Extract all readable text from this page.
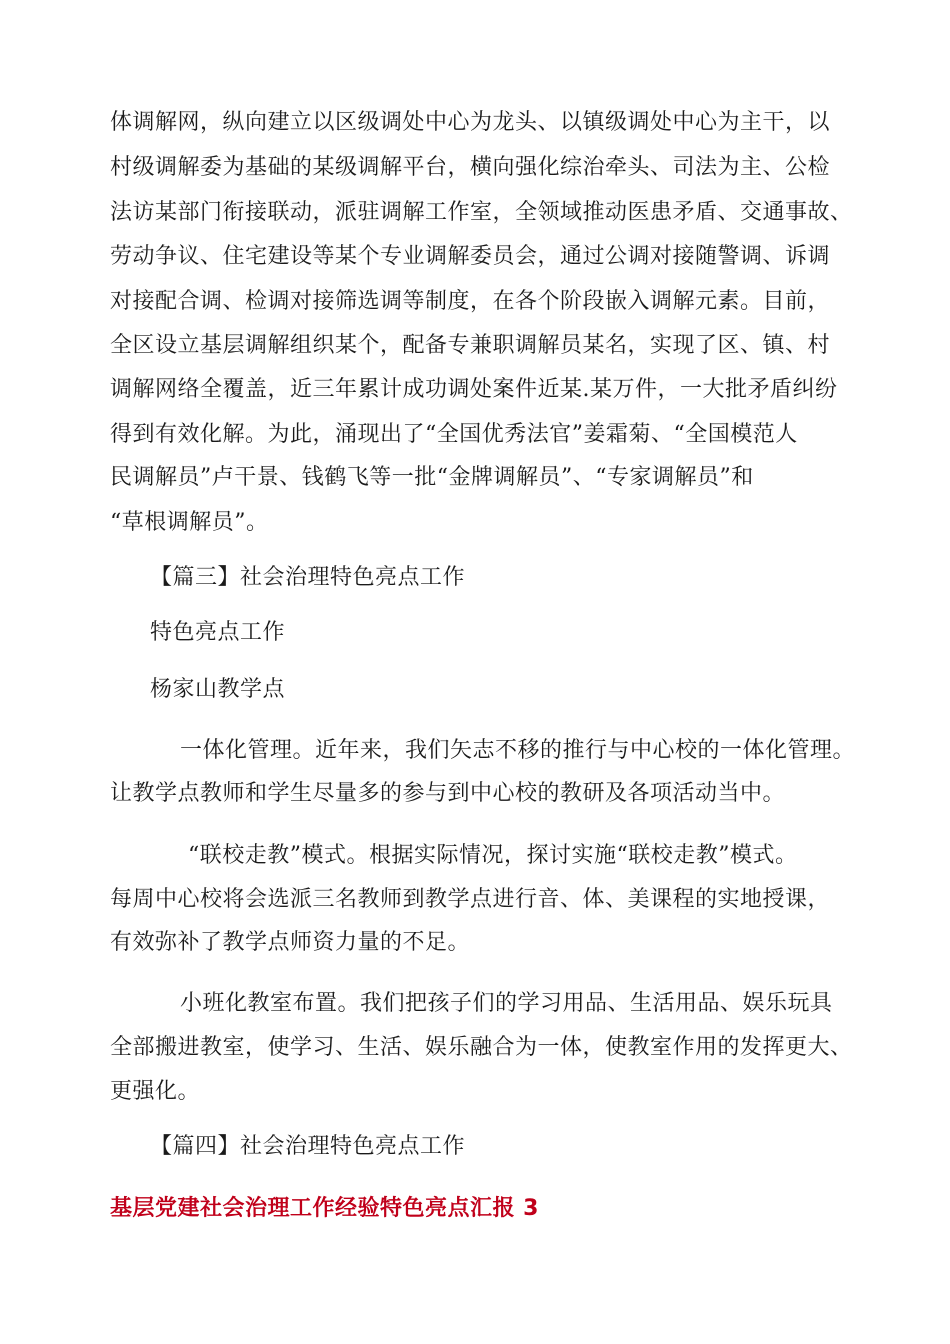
体调解网，纵向建立以区级调处中心为龙头、以镇级调处中心为主干，以
村级调解委为基础的某级调解平台，横向强化综治牵头、司法为主、公检
法访某部门衔接联动，派驻调解工作室，全领域推动医患矛盾、交通事故、
劳动争议、住宅建设等某个专业调解委员会，通过公调对接随警调、诉调
对接配合调、检调对接筛选调等制度，在各个阶段嵌入调解元素。目前，
全区设立基层调解组织某个，配备专兼职调解员某名，实现了区、镇、村
调解网络全覆盖，近三年累计成功调处案件近某.某万件，一大批矛盾纠纷
得到有效化解。为此，涌现出了“全国优秀法官”姜霜菊、“全国模范人
民调解员”卢干景、钱鹤飞等一批“金牌调解员”、“专家调解员”和
“草根调解员”。
【篇三】社会治理特色亮点工作
特色亮点工作
杨家山教学点
一体化管理。近年来，我们矢志不移的推行与中心校的一体化管理。
让教学点教师和学生尽量多的参与到中心校的教研及各项活动当中。
“联校走教”模式。根据实际情况，探讨实施“联校走教”模式。
每周中心校将会选派三名教师到教学点进行音、体、美课程的实地授课，
有效弥补了教学点师资力量的不足。
小班化教室布置。我们把孩子们的学习用品、生活用品、娱乐玩具
全部搬进教室，使学习、生活、娱乐融合为一体，使教室作用的发挥更大、
更强化。
【篇四】社会治理特色亮点工作
基层党建社会治理工作经验特色亮点汇报 3
